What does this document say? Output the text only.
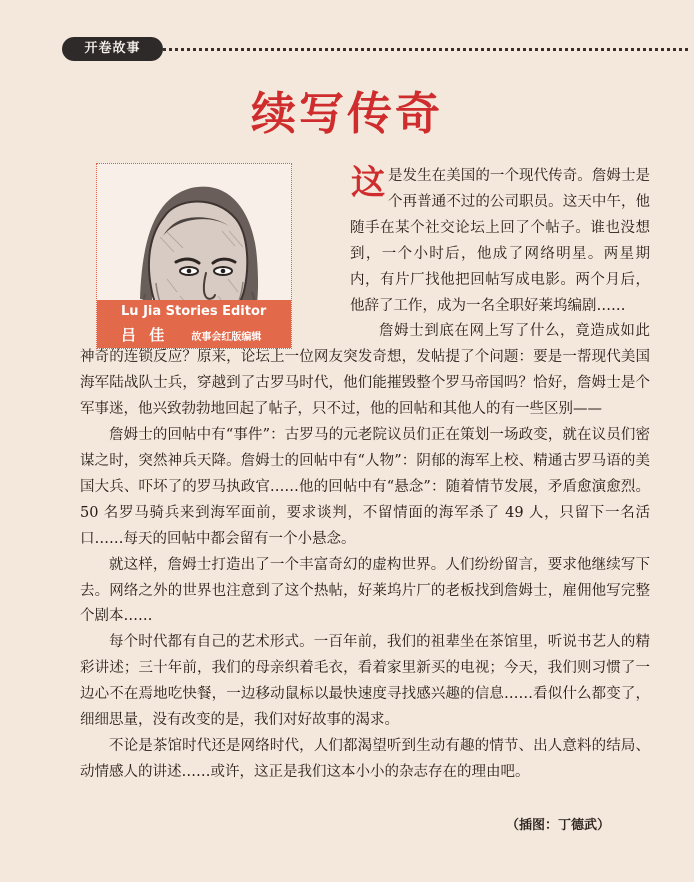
开卷故事
续写传奇
Lu Jia Stories Editor
吕 佳 故事会红版编辑

这是发生在美国的一个现代传奇。詹姆士是个再普通不过的公司职员。这天中午，他随手在某个社交论坛上回了个帖子。谁也没想到，一个小时后，他成了网络明星。两星期内，有片厂找他把回帖写成电影。两个月后，他辞了工作，成为一名全职好莱坞编剧……

詹姆士到底在网上写了什么，竟造成如此神奇的连锁反应？原来，论坛上一位网友突发奇想，发帖提了个问题：要是一帮现代美国海军陆战队士兵，穿越到了古罗马时代，他们能摧毁整个罗马帝国吗？恰好，詹姆士是个军事迷，他兴致勃勃地回起了帖子，只不过，他的回帖和其他人的有一些区别——

詹姆士的回帖中有“事件”：古罗马的元老院议员们正在策划一场政变，就在议员们密谋之时，突然神兵天降。詹姆士的回帖中有“人物”：阴郁的海军上校、精通古罗马语的美国大兵、吓坏了的罗马执政官……他的回帖中有“悬念”：随着情节发展，矛盾愈演愈烈。50 名罗马骑兵来到海军面前，要求谈判，不留情面的海军杀了 49 人，只留下一名活口……每天的回帖中都会留有一个小悬念。

就这样，詹姆士打造出了一个丰富奇幻的虚构世界。人们纷纷留言，要求他继续写下去。网络之外的世界也注意到了这个热帖，好莱坞片厂的老板找到詹姆士，雇佣他写完整个剧本……

每个时代都有自己的艺术形式。一百年前，我们的祖辈坐在茶馆里，听说书艺人的精彩讲述；三十年前，我们的母亲织着毛衣，看着家里新买的电视；今天，我们则习惯了一边心不在焉地吃快餐，一边移动鼠标以最快速度寻找感兴趣的信息……看似什么都变了，细细思量，没有改变的是，我们对好故事的渴求。

不论是茶馆时代还是网络时代，人们都渴望听到生动有趣的情节、出人意料的结局、动情感人的讲述……或许，这正是我们这本小小的杂志存在的理由吧。

（插图：丁德武）
